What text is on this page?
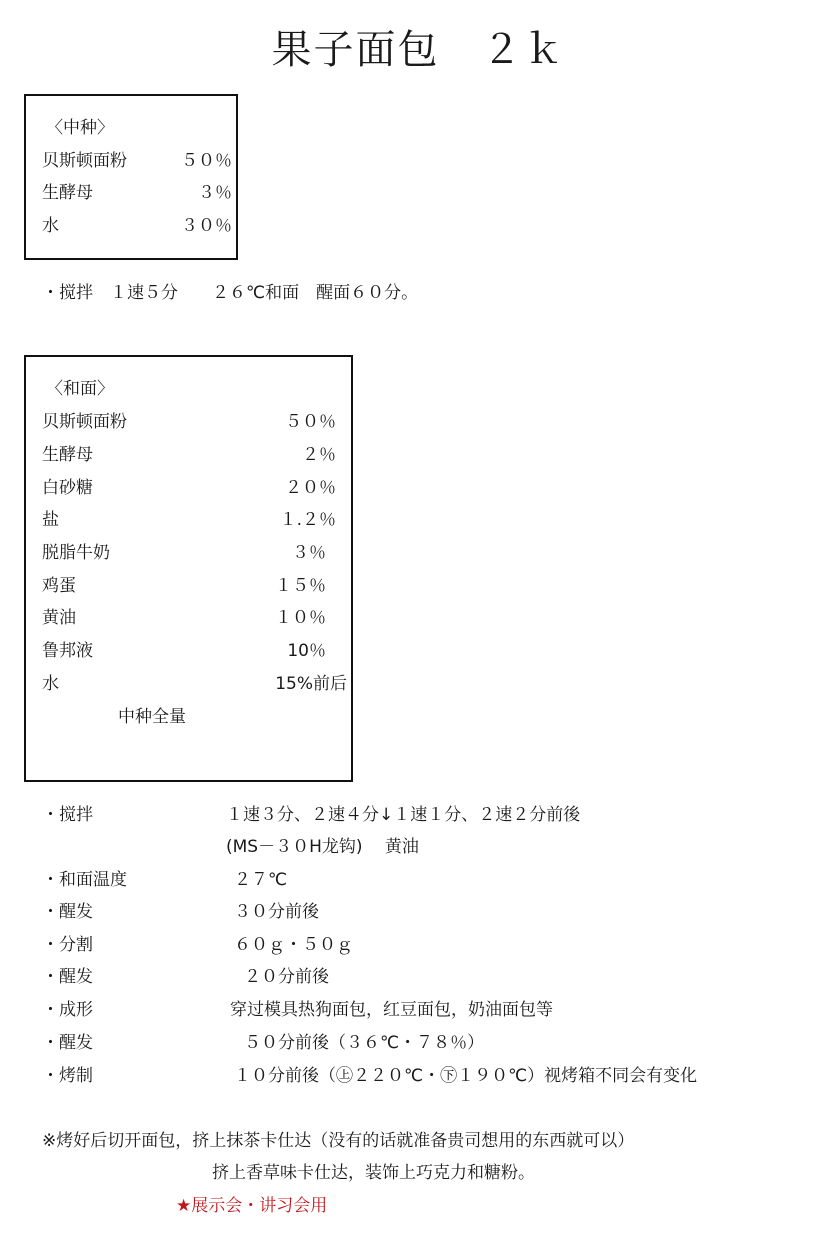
果子面包　２ｋ
〈中种〉
贝斯顿面粉	５０％
生酵母	３％
水	３０％
・搅拌　１速５分　　２６℃和面　醒面６０分。
〈和面〉
贝斯顿面粉	５０％
生酵母	２％
白砂糖	２０％
盐	１.２％
脱脂牛奶	３％
鸡蛋	１５％
黄油	１０％
鲁邦液	10％
水	15%前后
中种全量
・搅拌	１速３分、２速４分↓１速１分、２速２分前後
(MS－３０H龙钩)　 黄油
・和面温度	２７℃
・醒发	３０分前後
・分割	６０ｇ・５０ｇ
・醒发	２０分前後
・成形	穿过模具热狗面包，红豆面包，奶油面包等
・醒发	５０分前後（３６℃・７８％）
・烤制	１０分前後（㊤２２０℃・㊦１９０℃）视烤箱不同会有变化
※烤好后切开面包，挤上抹茶卡仕达（没有的话就准备贵司想用的东西就可以）
挤上香草味卡仕达，装饰上巧克力和糖粉。
★展示会・讲习会用
